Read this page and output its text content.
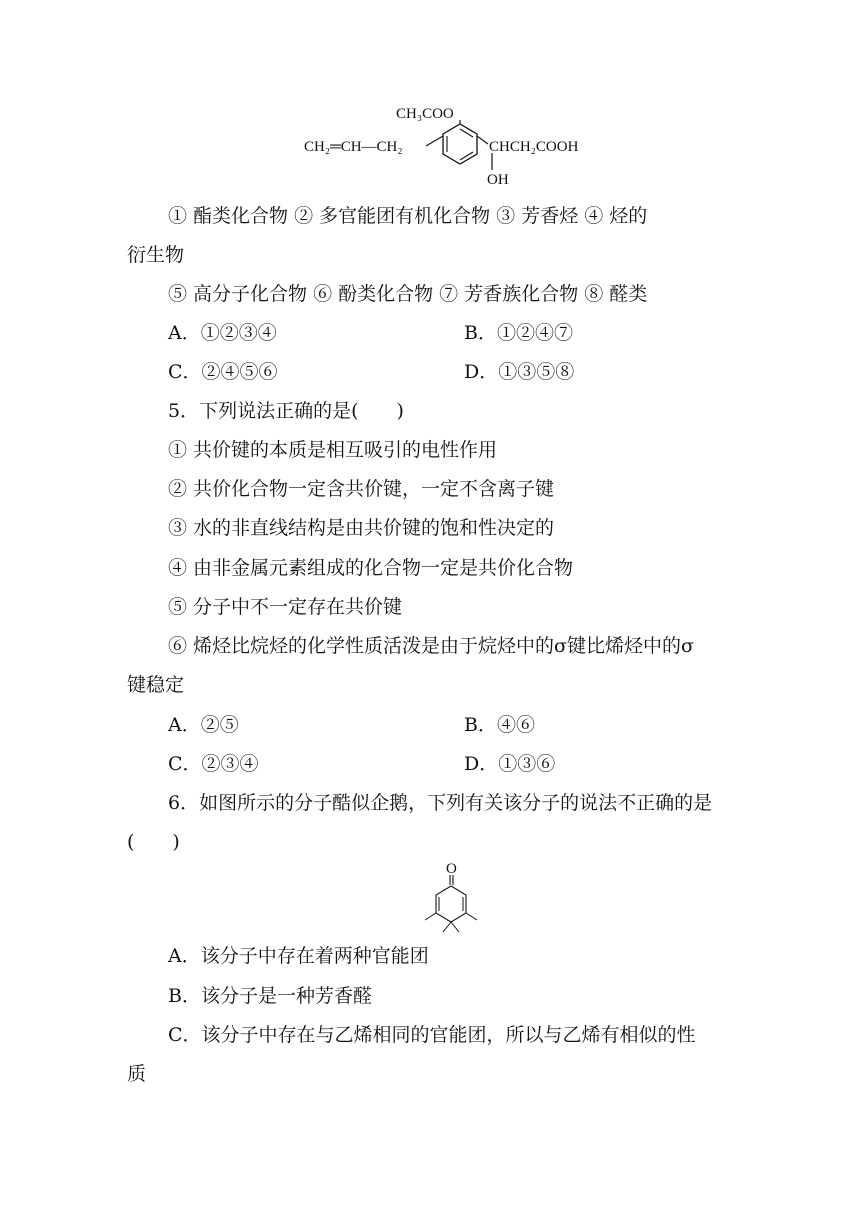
CH₃COO
CH₂═CH—CH₂	CHCH₂COOH
OH
① 酯类化合物 ② 多官能团有机化合物 ③ 芳香烃 ④ 烃的
衍生物
⑤ 高分子化合物 ⑥ 酚类化合物 ⑦ 芳香族化合物 ⑧ 醛类
A．①②③④	B．①②④⑦
C．②④⑤⑥	D．①③⑤⑧
5．下列说法正确的是(　　)
① 共价键的本质是相互吸引的电性作用
② 共价化合物一定含共价键，一定不含离子键
③ 水的非直线结构是由共价键的饱和性决定的
④ 由非金属元素组成的化合物一定是共价化合物
⑤ 分子中不一定存在共价键
⑥ 烯烃比烷烃的化学性质活泼是由于烷烃中的σ键比烯烃中的σ
键稳定
A．②⑤	B．④⑥
C．②③④	D．①③⑥
6．如图所示的分子酷似企鹅，下列有关该分子的说法不正确的是
(　　)
O
A．该分子中存在着两种官能团
B．该分子是一种芳香醛
C．该分子中存在与乙烯相同的官能团，所以与乙烯有相似的性
质
